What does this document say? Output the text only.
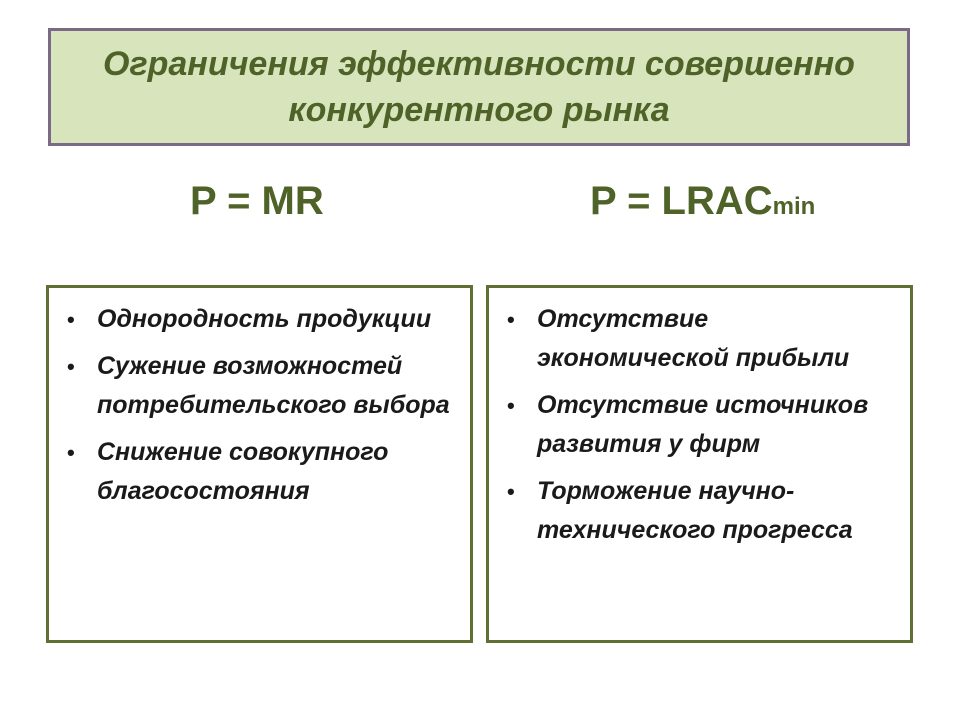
Ограничения эффективности совершенно конкурентного рынка
P = MR	P = LRACmin
• Однородность продукции
• Сужение возможностей потребительского выбора
• Снижение совокупного благосостояния
• Отсутствие экономической прибыли
• Отсутствие источников развития у фирм
• Торможение научно-технического прогресса
